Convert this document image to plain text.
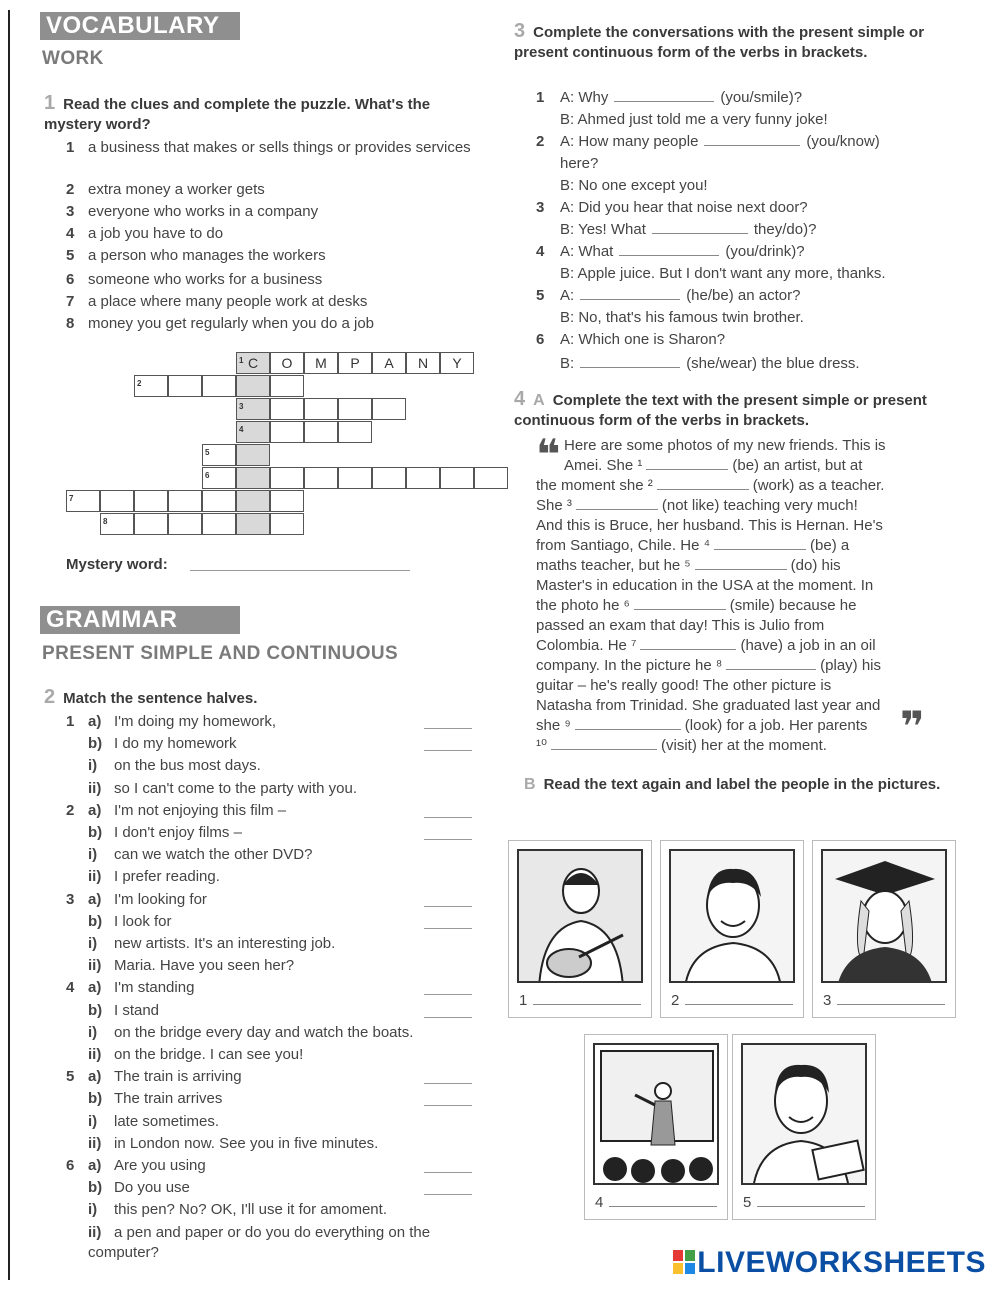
VOCABULARY
WORK
1 Read the clues and complete the puzzle. What's the mystery word?
1 a business that makes or sells things or provides services
2 extra money a worker gets
3 everyone who works in a company
4 a job you have to do
5 a person who manages the workers
6 someone who works for a business
7 a place where many people work at desks
8 money you get regularly when you do a job
1 C	O	M	P	A	N	Y
2
3
4
5
6
7
8
Mystery word:
GRAMMAR
PRESENT SIMPLE AND CONTINUOUS
2 Match the sentence halves.
1 a) I'm doing my homework,
b) I do my homework
i) on the bus most days.
ii) so I can't come to the party with you.
2 a) I'm not enjoying this film –
b) I don't enjoy films –
i) can we watch the other DVD?
ii) I prefer reading.
3 a) I'm looking for
b) I look for
i) new artists. It's an interesting job.
ii) Maria. Have you seen her?
4 a) I'm standing
b) I stand
i) on the bridge every day and watch the boats.
ii) on the bridge. I can see you!
5 a) The train is arriving
b) The train arrives
i) late sometimes.
ii) in London now. See you in five minutes.
6 a) Are you using
b) Do you use
i) this pen? No? OK, I'll use it for amoment.
ii) a pen and paper or do you do everything on the computer?
3 Complete the conversations with the present simple or present continuous form of the verbs in brackets.
1 A: Why	(you/smile)?
B: Ahmed just told me a very funny joke!
2 A: How many people	(you/know)
here?
B: No one except you!
3 A: Did you hear that noise next door?
B: Yes! What	they/do)?
4 A: What	(you/drink)?
B: Apple juice. But I don't want any more, thanks.
5 A:	(he/be) an actor?
B: No, that's his famous twin brother.
6 A: Which one is Sharon?
B:	(she/wear) the blue dress.
4 A Complete the text with the present simple or present continuous form of the verbs in brackets.
❝
❞
Here are some photos of my new friends. This is
Amei. She ¹	(be) an artist, but at
the moment she ²	(work) as a teacher.
She ³	(not like) teaching very much!
And this is Bruce, her husband. This is Hernan. He's
from Santiago, Chile. He ⁴	(be) a
maths teacher, but he ⁵	(do) his
Master's in education in the USA at the moment. In
the photo he ⁶	(smile) because he
passed an exam that day! This is Julio from
Colombia. He ⁷	(have) a job in an oil
company. In the picture he ⁸	(play) his
guitar – he's really good! The other picture is
Natasha from Trinidad. She graduated last year and
she ⁹	(look) for a job. Her parents
¹⁰	(visit) her at the moment.
B Read the text again and label the people in the pictures.
1	2	3
4	5
LIVEWORKSHEETS
